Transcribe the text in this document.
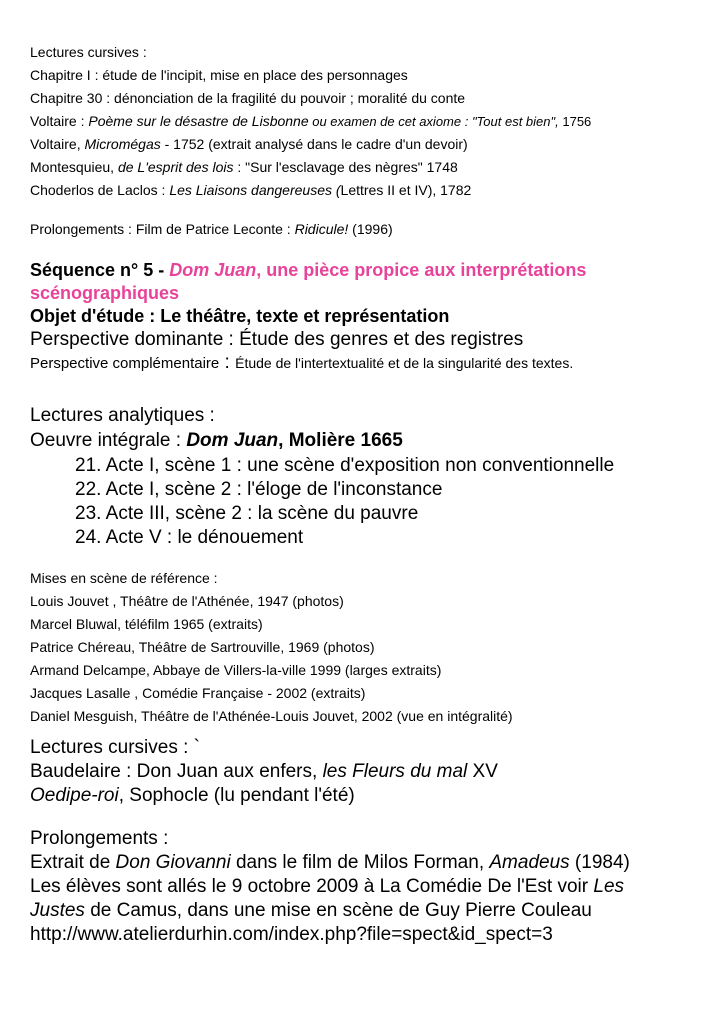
Lectures cursives :
Chapitre I : étude de l'incipit, mise en place des personnages
Chapitre 30 : dénonciation de la fragilité du pouvoir ; moralité du conte
Voltaire : Poème sur le désastre de Lisbonne ou examen de cet axiome : "Tout est bien", 1756
Voltaire, Micromégas - 1752 (extrait analysé dans le cadre d'un devoir)
Montesquieu, de L'esprit des lois : "Sur l'esclavage des nègres" 1748
Choderlos de Laclos : Les Liaisons dangereuses (Lettres II et IV), 1782
Prolongements : Film de Patrice Leconte : Ridicule! (1996)
Séquence n° 5 - Dom Juan, une pièce propice aux interprétations
scénographiques
Objet d'étude : Le théâtre, texte et représentation
Perspective dominante : Étude des genres et des registres
Perspective complémentaire : Étude de l'intertextualité et de la singularité des textes.
Lectures analytiques :
Oeuvre intégrale : Dom Juan, Molière 1665
21. Acte I, scène 1 : une scène d'exposition non conventionnelle
22. Acte I, scène 2 : l'éloge de l'inconstance
23. Acte III, scène 2 : la scène du pauvre
24. Acte V : le dénouement
Mises en scène de référence :
Louis Jouvet , Théâtre de l'Athénée, 1947 (photos)
Marcel Bluwal, téléfilm 1965 (extraits)
Patrice Chéreau, Théâtre de Sartrouville, 1969 (photos)
Armand Delcampe, Abbaye de Villers-la-ville 1999 (larges extraits)
Jacques Lasalle , Comédie Française - 2002 (extraits)
Daniel Mesguish, Théâtre de l'Athénée-Louis Jouvet, 2002 (vue en intégralité)
Lectures cursives : `
Baudelaire : Don Juan aux enfers, les Fleurs du mal XV
Oedipe-roi, Sophocle (lu pendant l'été)
Prolongements :
Extrait de Don Giovanni dans le film de Milos Forman, Amadeus (1984)
Les élèves sont allés le 9 octobre 2009 à La Comédie De l'Est voir Les
Justes de Camus, dans une mise en scène de Guy Pierre Couleau
http://www.atelierdurhin.com/index.php?file=spect&id_spect=3
